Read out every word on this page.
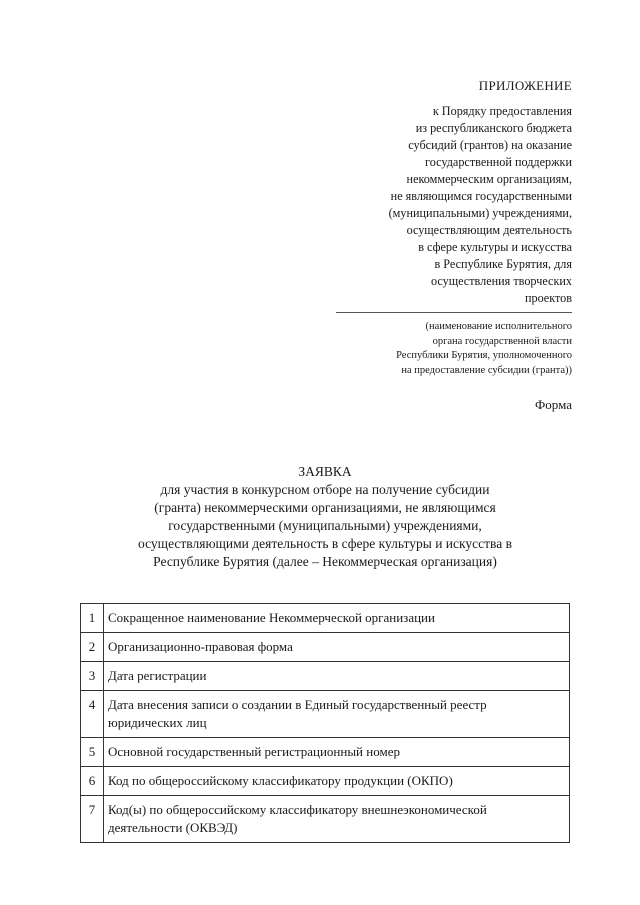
ПРИЛОЖЕНИЕ
к Порядку предоставления
из республиканского бюджета
субсидий (грантов) на оказание
государственной поддержки
некоммерческим организациям,
не являющимся государственными
(муниципальными) учреждениями,
осуществляющим деятельность
в сфере культуры и искусства
в Республике Бурятия, для
осуществления творческих
проектов
(наименование исполнительного
органа государственной власти
Республики Бурятия, уполномоченного
на предоставление субсидии (гранта))
Форма
ЗАЯВКА
для участия в конкурсном отборе на получение субсидии
(гранта) некоммерческими организациями, не являющимся
государственными (муниципальными) учреждениями,
осуществляющими деятельность в сфере культуры и искусства в
Республике Бурятия (далее – Некоммерческая организация)
1	Сокращенное наименование Некоммерческой организации
2	Организационно-правовая форма
3	Дата регистрации
4	Дата внесения записи о создании в Единый государственный реестр юридических лиц
5	Основной государственный регистрационный номер
6	Код по общероссийскому классификатору продукции (ОКПО)
7	Код(ы) по общероссийскому классификатору внешнеэкономической деятельности (ОКВЭД)
